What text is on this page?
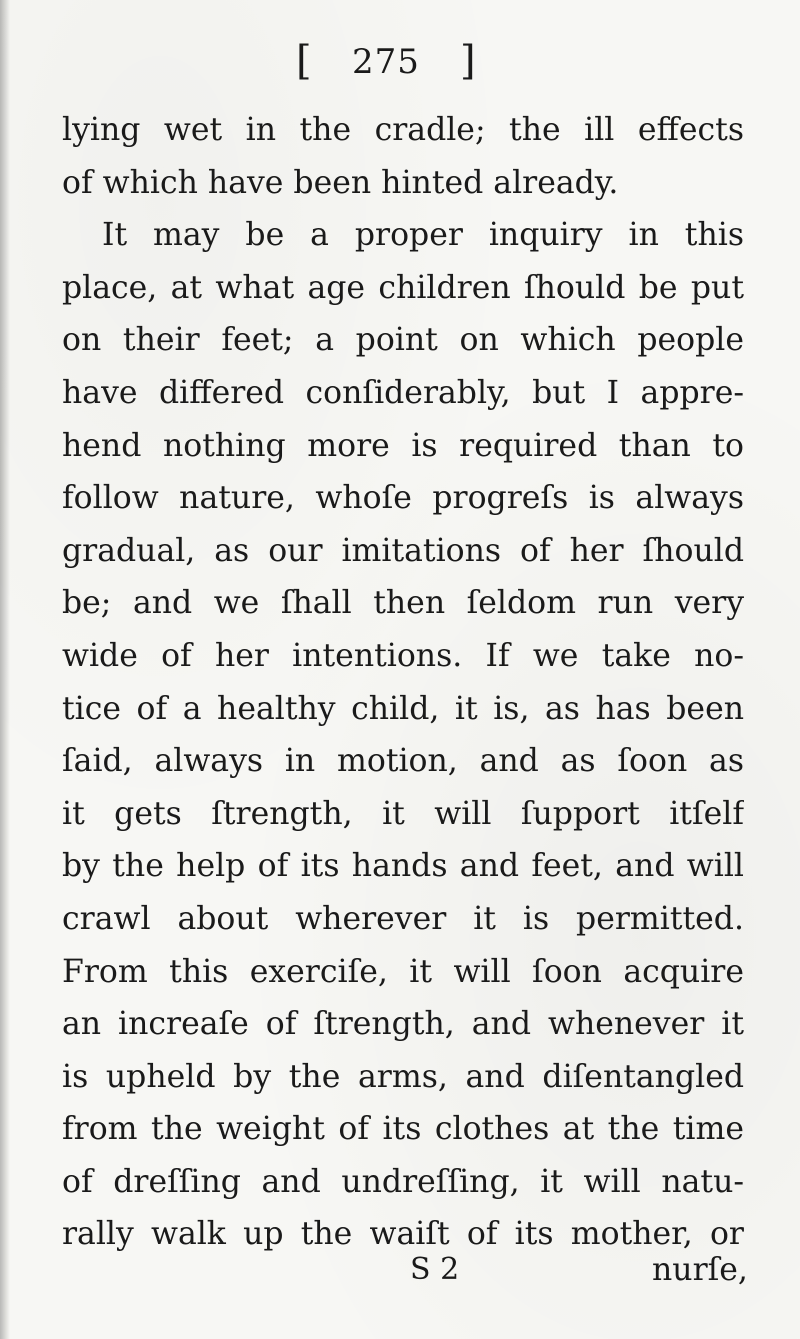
[ 275 ]
lying wet in the cradle; the ill effects
of which have been hinted already.
It may be a proper inquiry in this
place, at what age children ſhould be put
on their feet; a point on which people
have differed conſiderably, but I appre-
hend nothing more is required than to
follow nature, whoſe progreſs is always
gradual, as our imitations of her ſhould
be; and we ſhall then ſeldom run very
wide of her intentions. If we take no-
tice of a healthy child, it is, as has been
ſaid, always in motion, and as ſoon as
it gets ſtrength, it will ſupport itſelf
by the help of its hands and feet, and will
crawl about wherever it is permitted.
From this exerciſe, it will ſoon acquire
an increaſe of ſtrength, and whenever it
is upheld by the arms, and diſentangled
from the weight of its clothes at the time
of dreſſing and undreſſing, it will natu-
rally walk up the waiſt of its mother, or
S 2	nurſe,
